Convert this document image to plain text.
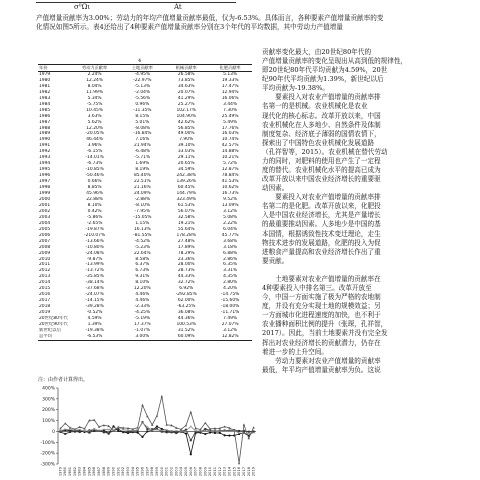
σ⁰Ωι	Ät

产值增量贡献率为3.00%；劳动力的年均产值增量贡献率最低，仅为-6.53%。具体而言，各种要素产值增量贡献率的变

化情况如图5所示。表4还给出了4种要素产值增量贡献率分别在3个年代的平均数据，其中劳动力产值增量

4
年份	劳动力贡献率	土地贡献率	机械贡献率	化肥贡献率
1979	2.24%	-4.95%	26.58%	5.13%
1980	12.24%	-22.97%	73.85%	19.33%
1981	8.04%	-5.13%	34.63%	17.47%
1982	11.99%	-2.04%	20.07%	12.94%
1983	5.34%	-5.56%	41.29%	16.06%
1984	-5.75%	0.96%	25.27%	3.44%
1985	10.45%	-11.35%	102.17%	7.30%
1986	3.63%	8.15%	104.90%	25.49%
1987	5.62%	5.01%	42.62%	5.49%
1988	12.20%	-8.08%	56.85%	17.76%
1989	-20.05%	-16.84%	49.00%	16.03%
1990	46.44%	7.16%	7.90%	10.74%
1991	3.96%	21.94%	39.10%	42.57%
1992	-6.15%	-6.48%	33.03%	14.88%
1993	-14.01%	-5.71%	29.11%	10.21%
1994	-6.73%	1.69%	20.65%	5.72%
1995	-10.85%	8.19%	34.59%	12.87%
1996	-50.46%	85.40%	242.38%	78.84%
1997	0.66%	22.51%	139.26%	41.53%
1998	8.85%	21.16%	60.45%	10.62%
1999	45.96%	24.09%	144.79%	16.73%
2000	22.88%	-2.88%	323.49%	9.52%
2001	8.10%	-8.10%	61.53%	13.09%
2002	0.42%	-7.95%	56.07%	3.12%
2003	-5.86%	-15.05%	32.58%	5.08%
2004	-2.65%	1.15%	19.21%	2.22%
2005	-19.87%	16.13%	55.64%	6.04%
2006	-210.07%	-81.55%	178.28%	45.77%
2007	-13.66%	-4.52%	27.48%	3.68%
2008	-10.80%	-5.23%	17.89%	3.18%
2009	-24.08%	22.64%	78.29%	6.88%
2010	-9.87%	8.58%	23.36%	2.86%
2011	-13.99%	6.37%	28.00%	6.35%
2012	-13.72%	6.73%	28.73%	3.31%
2013	-35.85%	9.31%	44.33%	4.35%
2014	-38.14%	8.10%	32.72%	2.80%
2015	-37.68%	12.20%	6.92%	4.20%
2016	-24.07%	4.46%	-292.85%	-14.75%
2017	-14.15%	4.46%	62.00%	-15.60%
2018	-39.28%	-2.33%	-63.25%	-18.00%
2019	-0.52%	-4.25%	36.08%	-11.71%
20世纪80年代	4.59%	-5.19%	44.36%	7.49%
20世纪90年代	1.39%	17.37%	100.53%	27.07%
新世纪以后	-19.38%	-1.07%	31.52%	3.12%
总平均	-6.53%	3.00%	60.09%	12.82%
注：由作者计算得出。
贡献率变化最大，由20世纪80年代的
产值增量贡献率的变化呈现出从高到低的规律性，
即20世纪80年代平均贡献为4.59%，20世
纪90年代平均贡献为1.39%，新世纪以后
平均贡献为-19.38%。
　　要素投入对农业产值增量的贡献率排
名第一的是机械。农业机械化是农业
现代化的核心标志。改革开放以来，中国
农业机械化在人多地少、自然条件及体制
制度复杂、经济底子薄弱的国情农情下，
探索出了中国特色农业机械化发展道路
（孔祥智等，2015）。农业机械在替代劳动
力的同时，对肥料的使用也产生了一定程
度的替代。农业机械化水平的提高已成为
改革开放以来中国农业经济增长的重要驱
动因素。
　　要素投入对农业产值增量的贡献率排
名第二的是化肥。改革开放以来，化肥投
入是中国农业经济增长，尤其是产量增长
的最重要推动因素。人多地少是中国的基
本国情，根据诱致性技术变迁理论，走生
物技术进步的发展道路，化肥的投入为促
进粮食产量提高和农业经济增长作出了重
要贡献。
　　土地要素对农业产值增量的贡献率在
4种要素投入中排名第三。改革开放至
今，中国一方面实施了极为严格的农地制
度，并设有充分实现土地的规模效益；另
一方面城市化进程速度的加快，也不利于
农业播种面积比例的提升（张琛，孔祥智，
2017）。因此，当前土地要素并没有完全发
挥出对农业经济增长的贡献潜力，仍存在
着进一步的上升空间。
　　劳动力要素对农业产值增量的贡献率
最低，年平均产值增量贡献率为负。这说
400%
300%
200%
100%
0
-100%
-200%
-300%
1979 1980 1981 1982 1983 1984 1985 1986 1987 1988 1989 1990 1991 1992 1993 1994 1995 1996 1997 1998 1999 2000 2001 2002 2003 2004 2005 2006 2007 2008 2009 2010 2011 2012 2013 2014 2015 2016 2017 2018 2019
